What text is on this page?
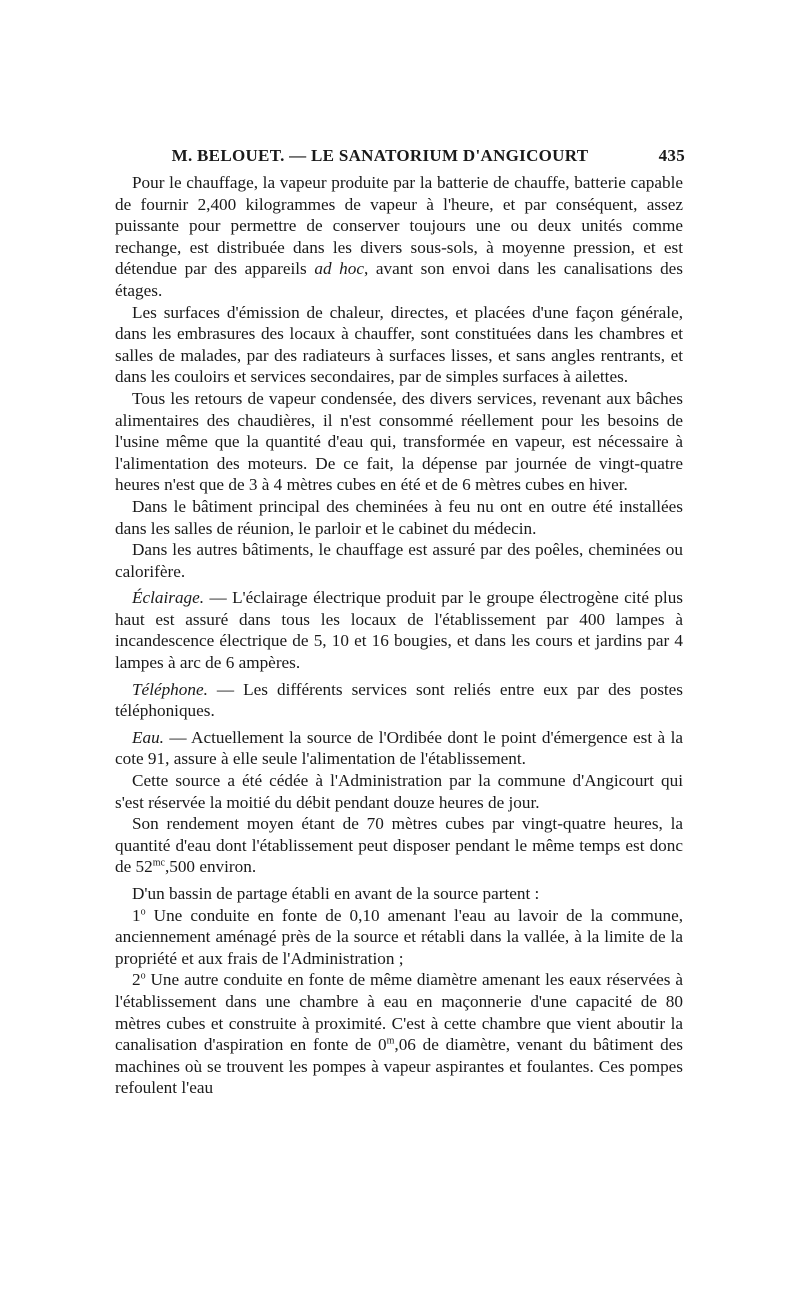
M. BELOUET. — LE SANATORIUM D'ANGICOURT	435

Pour le chauffage, la vapeur produite par la batterie de chauffe, batterie capable de fournir 2,400 kilogrammes de vapeur à l'heure, et par conséquent, assez puissante pour permettre de conserver toujours une ou deux unités comme rechange, est distribuée dans les divers sous-sols, à moyenne pression, et est détendue par des appareils ad hoc, avant son envoi dans les canalisations des étages.

Les surfaces d'émission de chaleur, directes, et placées d'une façon générale, dans les embrasures des locaux à chauffer, sont constituées dans les chambres et salles de malades, par des radiateurs à surfaces lisses, et sans angles rentrants, et dans les couloirs et services secondaires, par de simples surfaces à ailettes.

Tous les retours de vapeur condensée, des divers services, revenant aux bâches alimentaires des chaudières, il n'est consommé réellement pour les besoins de l'usine même que la quantité d'eau qui, transformée en vapeur, est nécessaire à l'alimentation des moteurs. De ce fait, la dépense par journée de vingt-quatre heures n'est que de 3 à 4 mètres cubes en été et de 6 mètres cubes en hiver.

Dans le bâtiment principal des cheminées à feu nu ont en outre été installées dans les salles de réunion, le parloir et le cabinet du médecin.

Dans les autres bâtiments, le chauffage est assuré par des poêles, cheminées ou calorifère.

Éclairage. — L'éclairage électrique produit par le groupe électrogène cité plus haut est assuré dans tous les locaux de l'établissement par 400 lampes à incandescence électrique de 5, 10 et 16 bougies, et dans les cours et jardins par 4 lampes à arc de 6 ampères.

Téléphone. — Les différents services sont reliés entre eux par des postes téléphoniques.

Eau. — Actuellement la source de l'Ordibée dont le point d'émergence est à la cote 91, assure à elle seule l'alimentation de l'établissement.

Cette source a été cédée à l'Administration par la commune d'Angicourt qui s'est réservée la moitié du débit pendant douze heures de jour.

Son rendement moyen étant de 70 mètres cubes par vingt-quatre heures, la quantité d'eau dont l'établissement peut disposer pendant le même temps est donc de $52^{mc},500$ environ.

D'un bassin de partage établi en avant de la source partent :

1$^o$ Une conduite en fonte de 0,10 amenant l'eau au lavoir de la commune, anciennement aménagé près de la source et rétabli dans la vallée, à la limite de la propriété et aux frais de l'Administration ;

2$^o$ Une autre conduite en fonte de même diamètre amenant les eaux réservées à l'établissement dans une chambre à eau en maçonnerie d'une capacité de 80 mètres cubes et construite à proximité. C'est à cette chambre que vient aboutir la canalisation d'aspiration en fonte de 0$^m$,06 de diamètre, venant du bâtiment des machines où se trouvent les pompes à vapeur aspirantes et foulantes. Ces pompes refoulent l'eau
